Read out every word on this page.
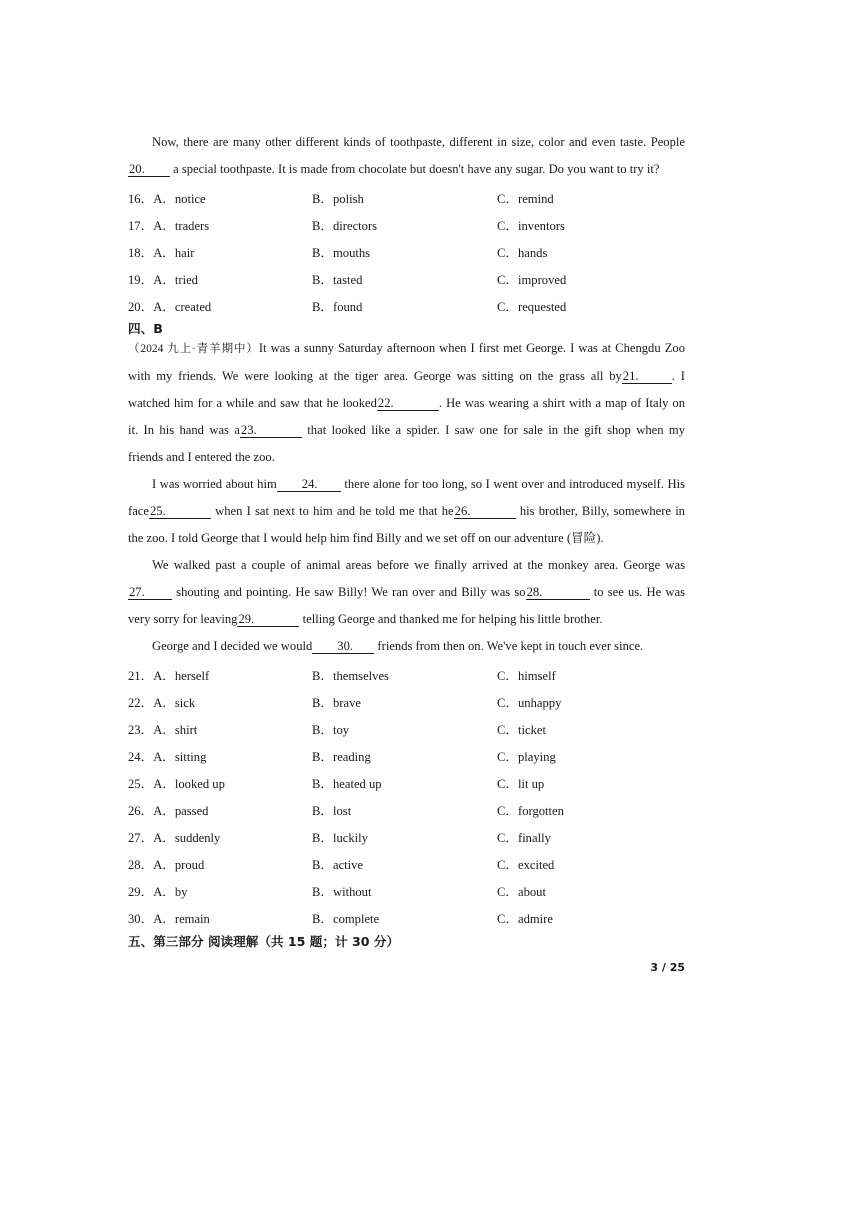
Now, there are many other different kinds of toothpaste, different in size, color and even taste. People

20. a special toothpaste. It is made from chocolate but doesn't have any sugar. Do you want to try it?

16．A．notice	B．polish	C．remind
17．A．traders	B．directors	C．inventors
18．A．hair	B．mouths	C．hands
19．A．tried	B．tasted	C．improved
20．A．created	B．found	C．requested
四、B

（2024 九上·青羊期中）It was a sunny Saturday afternoon when I first met George. I was at Chengdu Zoo

with my friends. We were looking at the tiger area. George was sitting on the grass all by21.	. I

watched him for a while and saw that he looked22.	. He was wearing a shirt with a map of Italy on

it. In his hand was a23.	that looked like a spider. I saw one for sale in the gift shop when my

friends and I entered the zoo.

I was worried about him 24. there alone for too long, so I went over and introduced myself. His

face25.	when I sat next to him and he told me that he26.	his brother, Billy, somewhere in

the zoo. I told George that I would help him find Billy and we set off on our adventure (冒险).

We walked past a couple of animal areas before we finally arrived at the monkey area. George was

27. shouting and pointing. He saw Billy! We ran over and Billy was so28.	to see us. He was

very sorry for leaving29.	telling George and thanked me for helping his little brother.

George and I decided we would 30. friends from then on. We've kept in touch ever since.

21．A．herself	B．themselves	C．himself
22．A．sick	B．brave	C．unhappy
23．A．shirt	B．toy	C．ticket
24．A．sitting	B．reading	C．playing
25．A．looked up	B．heated up	C．lit up
26．A．passed	B．lost	C．forgotten
27．A．suddenly	B．luckily	C．finally
28．A．proud	B．active	C．excited
29．A．by	B．without	C．about
30．A．remain	B．complete	C．admire
五、第三部分 阅读理解（共 15 题；计 30 分）
3 / 25
